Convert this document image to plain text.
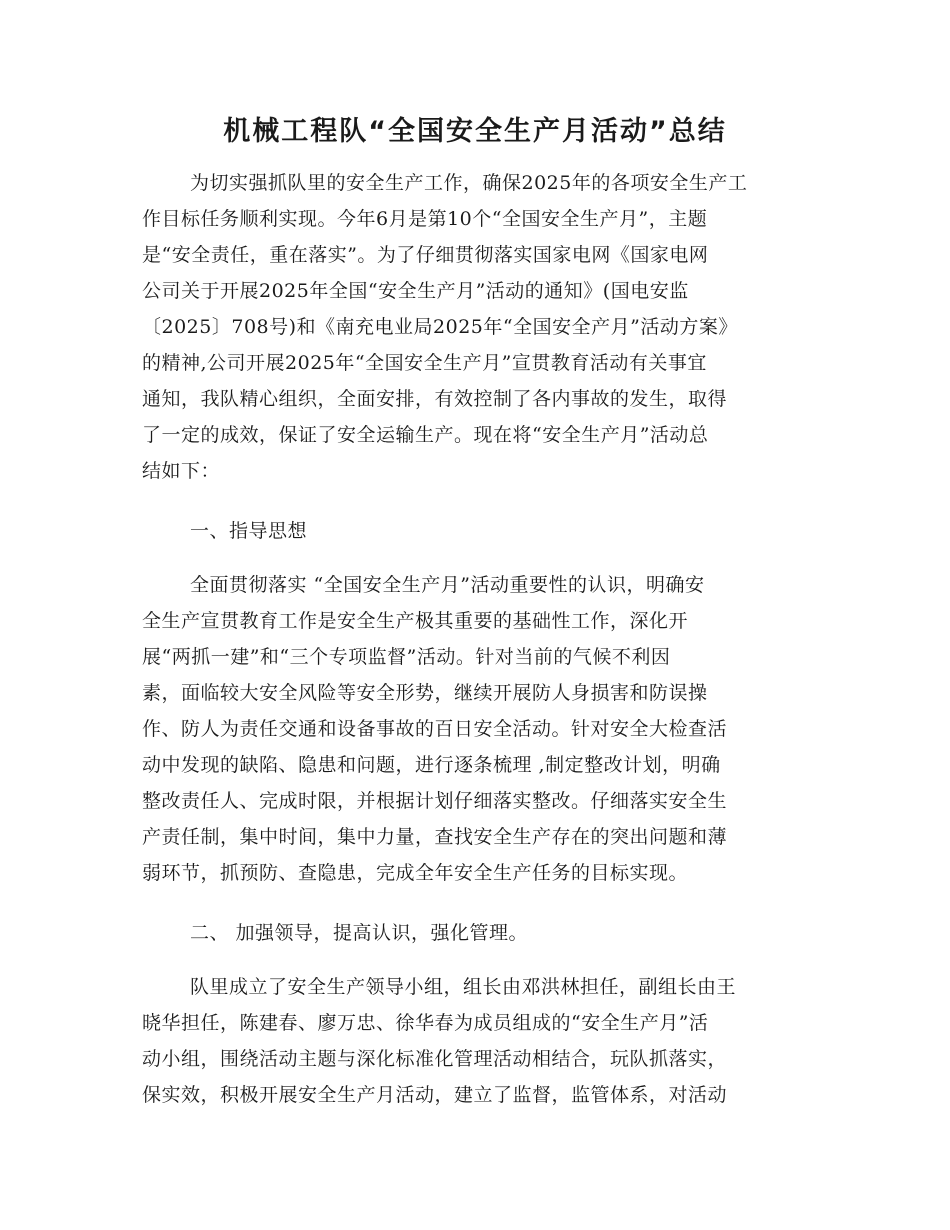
机械工程队“全国安全生产月活动”总结

为切实强抓队里的安全生产工作，确保2025年的各项安全生产工

作目标任务顺利实现。今年6月是第10个“全国安全生产月”，主题

是“安全责任，重在落实”。为了仔细贯彻落实国家电网《国家电网

公司关于开展2025年全国“安全生产月”活动的通知》(国电安监

〔2025〕708号)和《南充电业局2025年“全国安全产月”活动方案》

的精神,公司开展2025年“全国安全生产月”宣贯教育活动有关事宜

通知，我队精心组织，全面安排，有效控制了各内事故的发生，取得

了一定的成效，保证了安全运输生产。现在将“安全生产月”活动总

结如下：

一、指导思想

全面贯彻落实 “全国安全生产月”活动重要性的认识，明确安

全生产宣贯教育工作是安全生产极其重要的基础性工作，深化开

展“两抓一建”和“三个专项监督”活动。针对当前的气候不利因

素，面临较大安全风险等安全形势，继续开展防人身损害和防误操

作、防人为责任交通和设备事故的百日安全活动。针对安全大检查活

动中发现的缺陷、隐患和问题，进行逐条梳理 ,制定整改计划，明确

整改责任人、完成时限，并根据计划仔细落实整改。仔细落实安全生

产责任制，集中时间，集中力量，查找安全生产存在的突出问题和薄

弱环节，抓预防、查隐患，完成全年安全生产任务的目标实现。

二、 加强领导，提高认识，强化管理。

队里成立了安全生产领导小组，组长由邓洪林担任，副组长由王

晓华担任，陈建春、廖万忠、徐华春为成员组成的“安全生产月”活

动小组，围绕活动主题与深化标准化管理活动相结合，玩队抓落实，

保实效，积极开展安全生产月活动，建立了监督，监管体系，对活动
